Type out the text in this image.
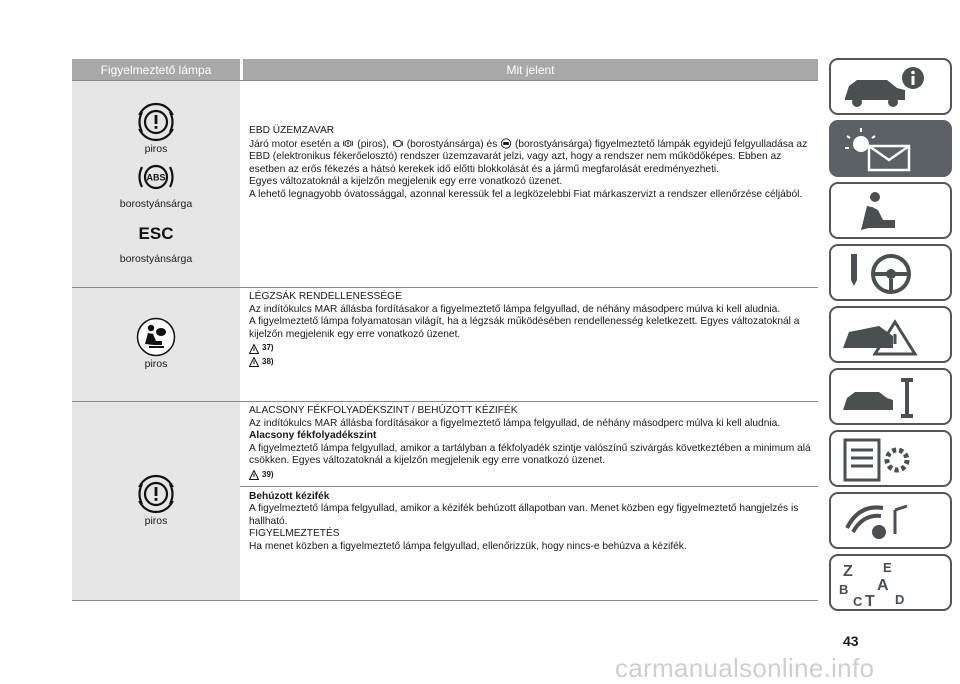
Figyelmeztető lámpa	Mit jelent
piros
ABS
borostyánsárga
ESC
borostyánsárga

EBD ÜZEMZAVAR

Járó motor esetén a (piros), (borostyánsárga) és (borostyánsárga) figyelmeztető lámpák egyidejű felgyulladása az EBD (elektronikus fékerőelosztó) rendszer üzemzavarát jelzi, vagy azt, hogy a rendszer nem működőképes. Ebben az esetben az erős fékezés a hátsó kerekek idő előtti blokkolását és a jármű megfarolását eredményezheti.

Egyes változatoknál a kijelzőn megjelenik egy erre vonatkozó üzenet.

A lehető legnagyobb óvatossággal, azonnal keressük fel a legközelebbi Fiat márkaszervizt a rendszer ellenőrzése céljából.

piros

LÉGZSÁK RENDELLENESSÉGE

Az indítókulcs MAR állásba fordításakor a figyelmeztető lámpa felgyullad, de néhány másodperc múlva ki kell aludnia.

A figyelmeztető lámpa folyamatosan világít, ha a légzsák működésében rendellenesség keletkezett. Egyes változatoknál a kijelzőn megjelenik egy erre vonatkozó üzenet.

37)
38)
piros

ALACSONY FÉKFOLYADÉKSZINT / BEHÚZOTT KÉZIFÉK

Az indítókulcs MAR állásba fordításakor a figyelmeztető lámpa felgyullad, de néhány másodperc múlva ki kell aludnia.

Alacsony fékfolyadékszint

A figyelmeztető lámpa felgyullad, amikor a tartályban a fékfolyadék szintje valószínű szivárgás következtében a minimum alá csökken. Egyes változatoknál a kijelzőn megjelenik egy erre vonatkozó üzenet.

39)

Behúzott kézifék

A figyelmeztető lámpa felgyullad, amikor a kézifék behúzott állapotban van. Menet közben egy figyelmeztető hangjelzés is hallható.

FIGYELMEZTETÉS

Ha menet közben a figyelmeztető lámpa felgyullad, ellenőrizzük, hogy nincs-e behúzva a kézifék.

Z E
B A
C T D
43
carmanualsonline.info
